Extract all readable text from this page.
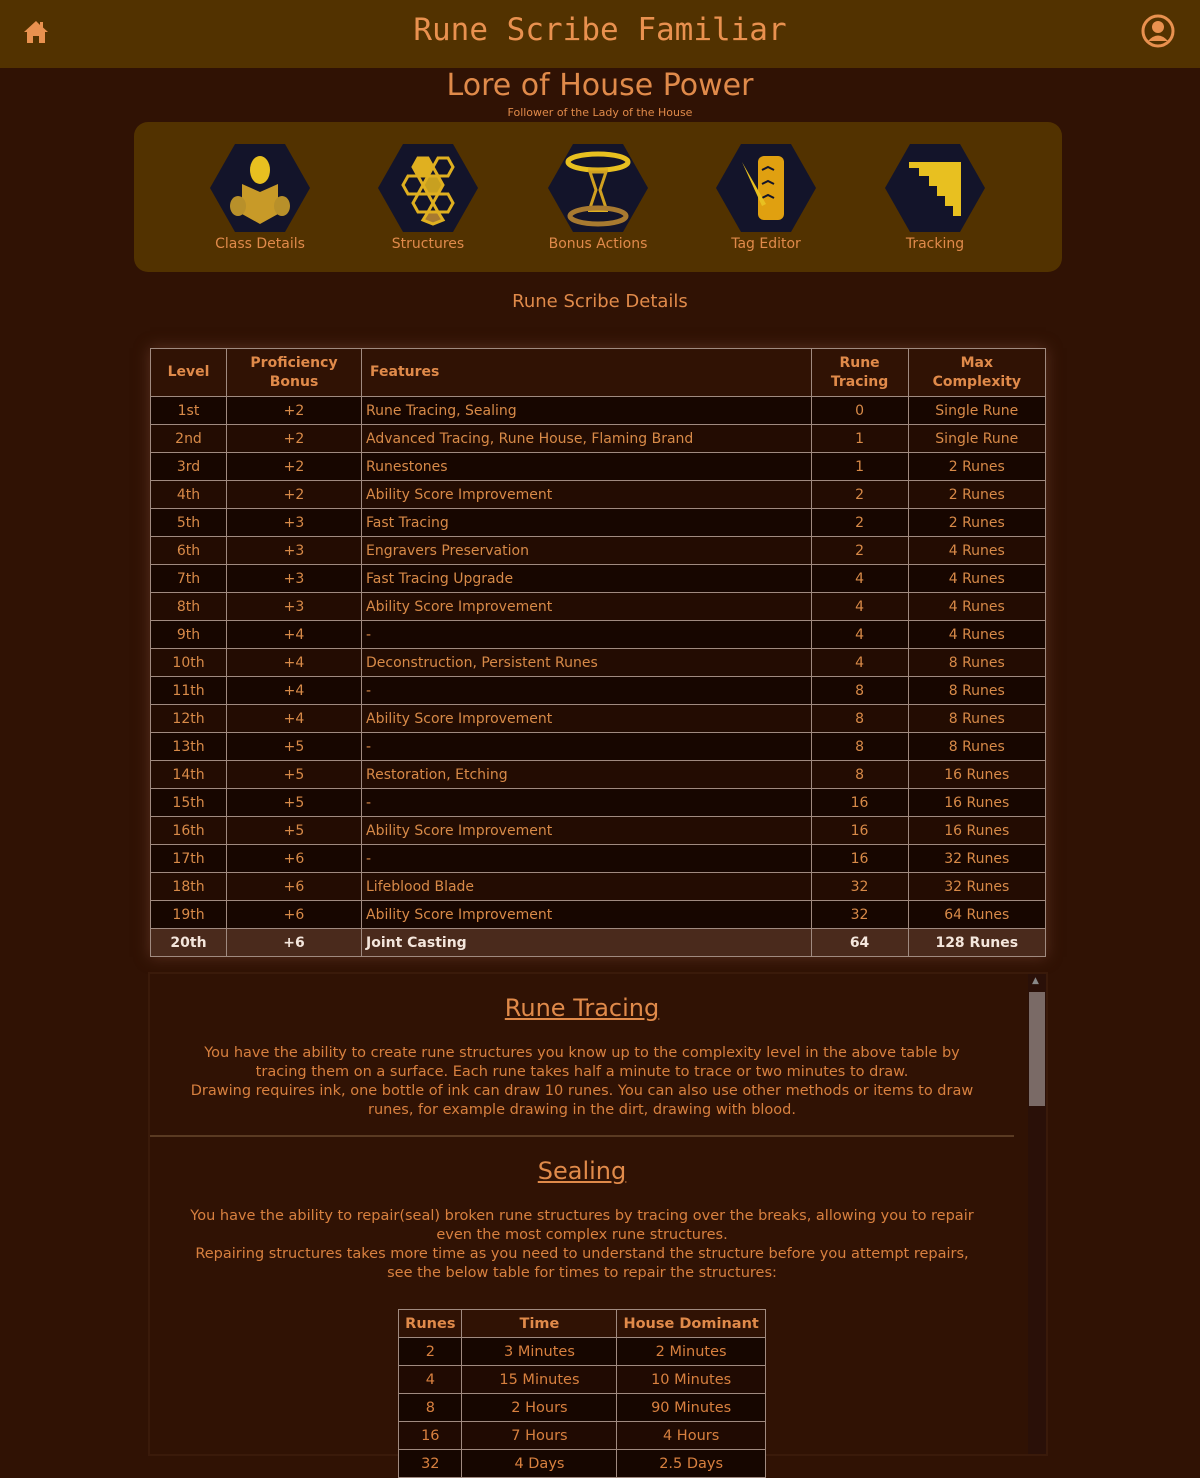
Rune Scribe Familiar
Lore of House Power
Follower of the Lady of the House
Class Details	Structures	Bonus Actions	Tag Editor	Tracking
Rune Scribe Details
Level	Proficiency Bonus	Features	Rune Tracing	Max Complexity
1st	+2	Rune Tracing, Sealing	0	Single Rune
2nd	+2	Advanced Tracing, Rune House, Flaming Brand	1	Single Rune
3rd	+2	Runestones	1	2 Runes
4th	+2	Ability Score Improvement	2	2 Runes
5th	+3	Fast Tracing	2	2 Runes
6th	+3	Engravers Preservation	2	4 Runes
7th	+3	Fast Tracing Upgrade	4	4 Runes
8th	+3	Ability Score Improvement	4	4 Runes
9th	+4	-	4	4 Runes
10th	+4	Deconstruction, Persistent Runes	4	8 Runes
11th	+4	-	8	8 Runes
12th	+4	Ability Score Improvement	8	8 Runes
13th	+5	-	8	8 Runes
14th	+5	Restoration, Etching	8	16 Runes
15th	+5	-	16	16 Runes
16th	+5	Ability Score Improvement	16	16 Runes
17th	+6	-	16	32 Runes
18th	+6	Lifeblood Blade	32	32 Runes
19th	+6	Ability Score Improvement	32	64 Runes
20th	+6	Joint Casting	64	128 Runes
Rune Tracing
You have the ability to create rune structures you know up to the complexity level in the above table by tracing them on a surface. Each rune takes half a minute to trace or two minutes to draw.
Drawing requires ink, one bottle of ink can draw 10 runes. You can also use other methods or items to draw runes, for example drawing in the dirt, drawing with blood.
Sealing
You have the ability to repair(seal) broken rune structures by tracing over the breaks, allowing you to repair even the most complex rune structures.
Repairing structures takes more time as you need to understand the structure before you attempt repairs, see the below table for times to repair the structures:
Runes	Time	House Dominant
2	3 Minutes	2 Minutes
4	15 Minutes	10 Minutes
8	2 Hours	90 Minutes
16	7 Hours	4 Hours
32	4 Days	2.5 Days
▲
